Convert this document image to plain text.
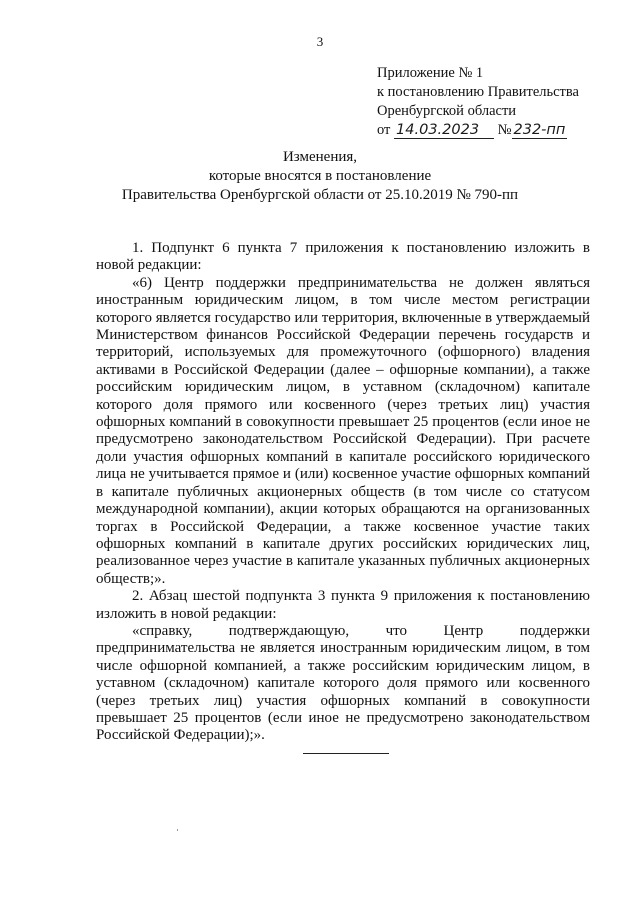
3
Приложение № 1
к постановлению Правительства
Оренбургской области
от 14.03.2023 № 232-пп
Изменения,
которые вносятся в постановление
Правительства Оренбургской области от 25.10.2019 № 790-пп

1. Подпункт 6 пункта 7 приложения к постановлению изложить в новой редакции:

«6) Центр поддержки предпринимательства не должен являться иностранным юридическим лицом, в том числе местом регистрации которого является государство или территория, включенные в утверждаемый Министерством финансов Российской Федерации перечень государств и территорий, используемых для промежуточного (офшорного) владения активами в Российской Федерации (далее – офшорные компании), а также российским юридическим лицом, в уставном (складочном) капитале которого доля прямого или косвенного (через третьих лиц) участия офшорных компаний в совокупности превышает 25 процентов (если иное не предусмотрено законодательством Российской Федерации). При расчете доли участия офшорных компаний в капитале российского юридического лица не учитывается прямое и (или) косвенное участие офшорных компаний в капитале публичных акционерных обществ (в том числе со статусом международной компании), акции которых обращаются на организованных торгах в Российской Федерации, а также косвенное участие таких офшорных компаний в капитале других российских юридических лиц, реализованное через участие в капитале указанных публичных акционерных обществ;».

2. Абзац шестой подпункта 3 пункта 9 приложения к постановлению изложить в новой редакции:

«справку, подтверждающую, что Центр поддержки предпринимательства не является иностранным юридическим лицом, в том числе офшорной компанией, а также российским юридическим лицом, в уставном (складочном) капитале которого доля прямого или косвенного (через третьих лиц) участия офшорных компаний в совокупности превышает 25 процентов (если иное не предусмотрено законодательством Российской Федерации);».
